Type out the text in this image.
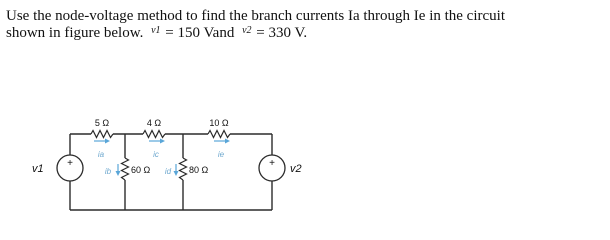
Use the node-voltage method to find the branch currents Ia through Ie in the circuit
shown in figure below. $^{v1}$ = 150 Vand $^{v2}$ = 330 V.
+	+
v1	v2
5 Ω	4 Ω	10 Ω
60 Ω	80 Ω
ia	ic	ie
ib	id
